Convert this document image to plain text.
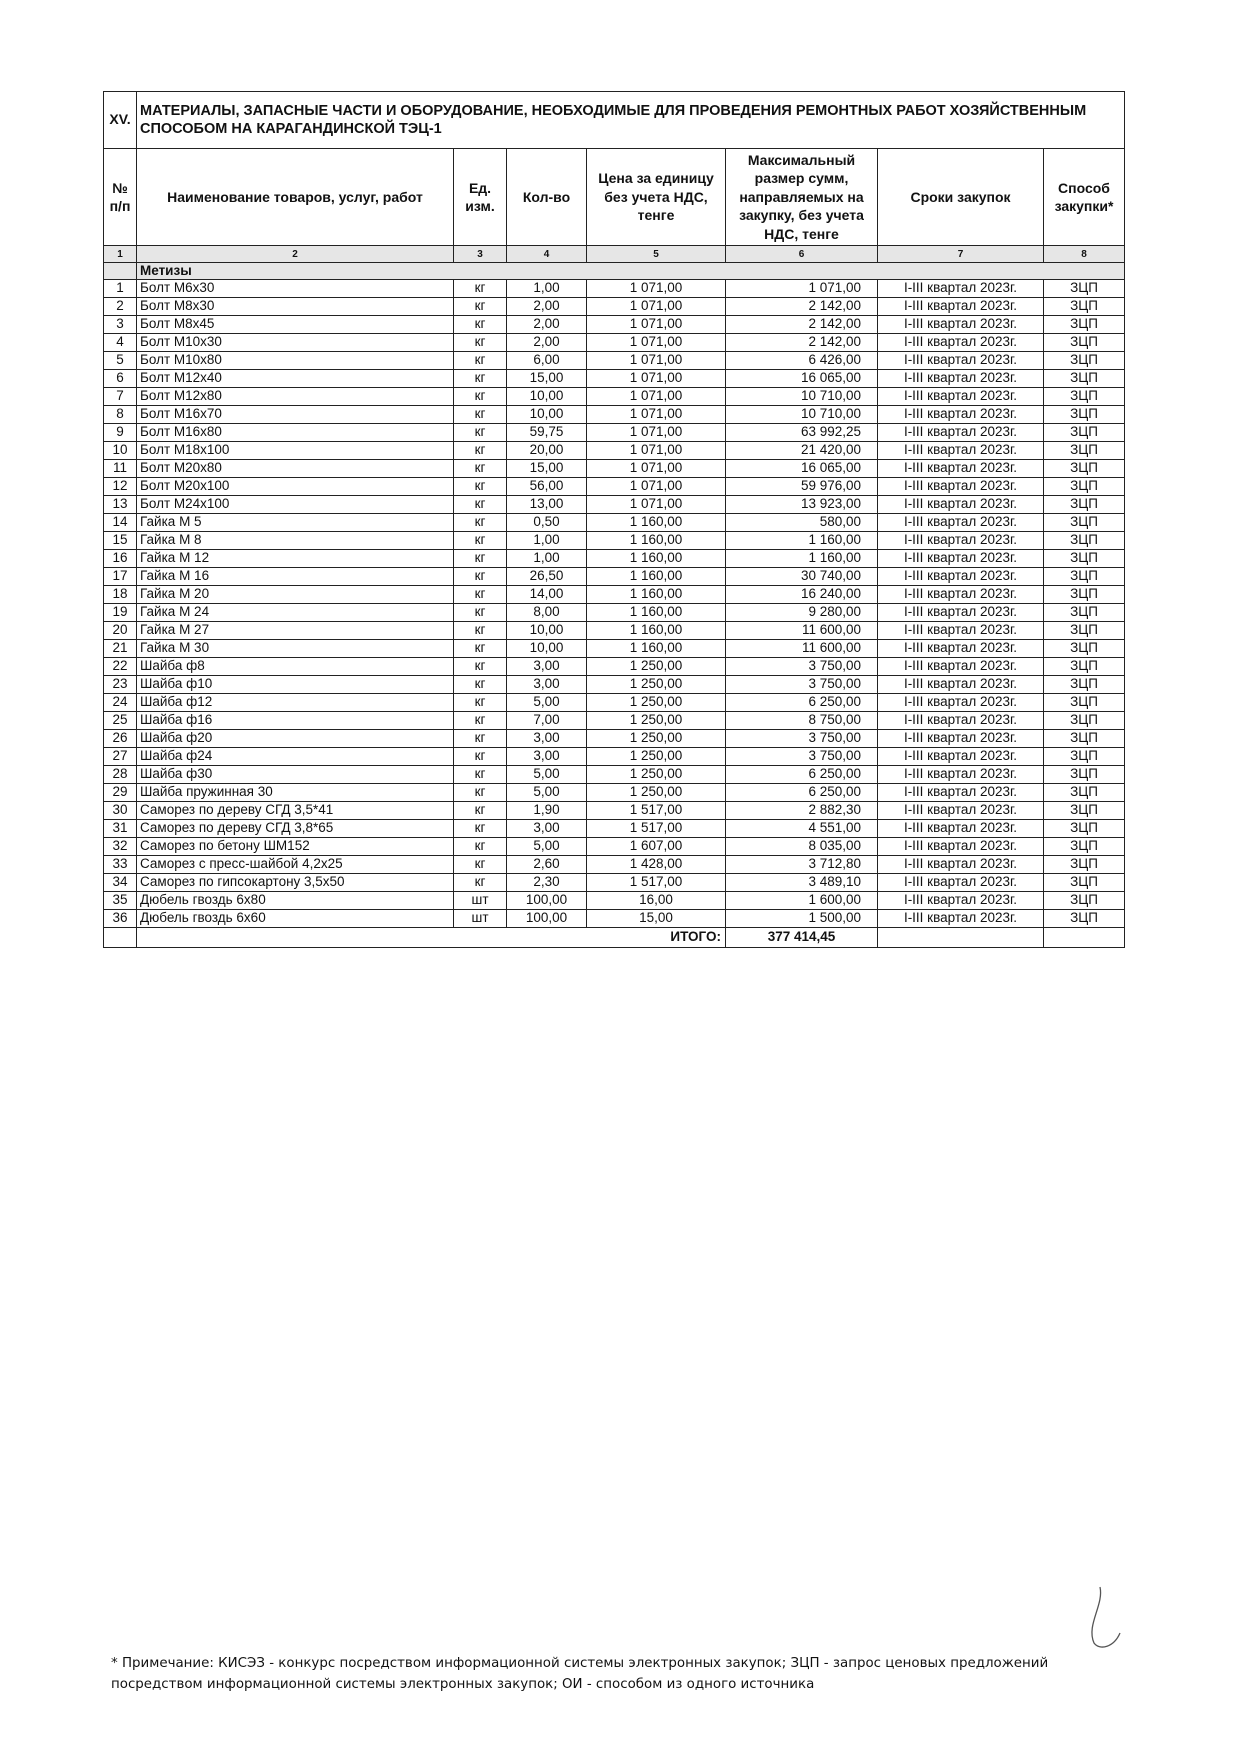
XV.	МАТЕРИАЛЫ, ЗАПАСНЫЕ ЧАСТИ И ОБОРУДОВАНИЕ, НЕОБХОДИМЫЕ ДЛЯ ПРОВЕДЕНИЯ РЕМОНТНЫХ РАБОТ ХОЗЯЙСТВЕННЫМ СПОСОБОМ НА КАРАГАНДИНСКОЙ ТЭЦ-1						
№ п/п	Наименование товаров, услуг, работ	Ед. изм.	Кол-во	Цена за единицу без учета НДС, тенге	Максимальный размер сумм, направляемых на закупку, без учета НДС, тенге	Сроки закупок	Способ закупки*
1	2	3	4	5	6	7	8
	Метизы						
1	Болт М6х30	кг	1,00	1 071,00	1 071,00	I-III квартал 2023г.	ЗЦП
2	Болт М8х30	кг	2,00	1 071,00	2 142,00	I-III квартал 2023г.	ЗЦП
3	Болт М8х45	кг	2,00	1 071,00	2 142,00	I-III квартал 2023г.	ЗЦП
4	Болт М10х30	кг	2,00	1 071,00	2 142,00	I-III квартал 2023г.	ЗЦП
5	Болт М10х80	кг	6,00	1 071,00	6 426,00	I-III квартал 2023г.	ЗЦП
6	Болт М12х40	кг	15,00	1 071,00	16 065,00	I-III квартал 2023г.	ЗЦП
7	Болт М12х80	кг	10,00	1 071,00	10 710,00	I-III квартал 2023г.	ЗЦП
8	Болт М16х70	кг	10,00	1 071,00	10 710,00	I-III квартал 2023г.	ЗЦП
9	Болт М16х80	кг	59,75	1 071,00	63 992,25	I-III квартал 2023г.	ЗЦП
10	Болт М18х100	кг	20,00	1 071,00	21 420,00	I-III квартал 2023г.	ЗЦП
11	Болт М20х80	кг	15,00	1 071,00	16 065,00	I-III квартал 2023г.	ЗЦП
12	Болт М20х100	кг	56,00	1 071,00	59 976,00	I-III квартал 2023г.	ЗЦП
13	Болт М24х100	кг	13,00	1 071,00	13 923,00	I-III квартал 2023г.	ЗЦП
14	Гайка М 5	кг	0,50	1 160,00	580,00	I-III квартал 2023г.	ЗЦП
15	Гайка М 8	кг	1,00	1 160,00	1 160,00	I-III квартал 2023г.	ЗЦП
16	Гайка М 12	кг	1,00	1 160,00	1 160,00	I-III квартал 2023г.	ЗЦП
17	Гайка М 16	кг	26,50	1 160,00	30 740,00	I-III квартал 2023г.	ЗЦП
18	Гайка М 20	кг	14,00	1 160,00	16 240,00	I-III квартал 2023г.	ЗЦП
19	Гайка М 24	кг	8,00	1 160,00	9 280,00	I-III квартал 2023г.	ЗЦП
20	Гайка М 27	кг	10,00	1 160,00	11 600,00	I-III квартал 2023г.	ЗЦП
21	Гайка М 30	кг	10,00	1 160,00	11 600,00	I-III квартал 2023г.	ЗЦП
22	Шайба ф8	кг	3,00	1 250,00	3 750,00	I-III квартал 2023г.	ЗЦП
23	Шайба ф10	кг	3,00	1 250,00	3 750,00	I-III квартал 2023г.	ЗЦП
24	Шайба ф12	кг	5,00	1 250,00	6 250,00	I-III квартал 2023г.	ЗЦП
25	Шайба ф16	кг	7,00	1 250,00	8 750,00	I-III квартал 2023г.	ЗЦП
26	Шайба ф20	кг	3,00	1 250,00	3 750,00	I-III квартал 2023г.	ЗЦП
27	Шайба ф24	кг	3,00	1 250,00	3 750,00	I-III квартал 2023г.	ЗЦП
28	Шайба ф30	кг	5,00	1 250,00	6 250,00	I-III квартал 2023г.	ЗЦП
29	Шайба пружинная 30	кг	5,00	1 250,00	6 250,00	I-III квартал 2023г.	ЗЦП
30	Саморез по дереву СГД 3,5*41	кг	1,90	1 517,00	2 882,30	I-III квартал 2023г.	ЗЦП
31	Саморез по дереву СГД 3,8*65	кг	3,00	1 517,00	4 551,00	I-III квартал 2023г.	ЗЦП
32	Саморез по бетону ШМ152	кг	5,00	1 607,00	8 035,00	I-III квартал 2023г.	ЗЦП
33	Саморез с пресс-шайбой 4,2х25	кг	2,60	1 428,00	3 712,80	I-III квартал 2023г.	ЗЦП
34	Саморез по гипсокартону 3,5х50	кг	2,30	1 517,00	3 489,10	I-III квартал 2023г.	ЗЦП
35	Дюбель гвоздь 6х80	шт	100,00	16,00	1 600,00	I-III квартал 2023г.	ЗЦП
36	Дюбель гвоздь 6х60	шт	100,00	15,00	1 500,00	I-III квартал 2023г.	ЗЦП
	ИТОГО:				377 414,45		
* Примечание: КИСЭЗ - конкурс посредством информационной системы электронных закупок; ЗЦП - запрос ценовых предложений посредством информационной системы электронных закупок; ОИ - способом из одного источника
